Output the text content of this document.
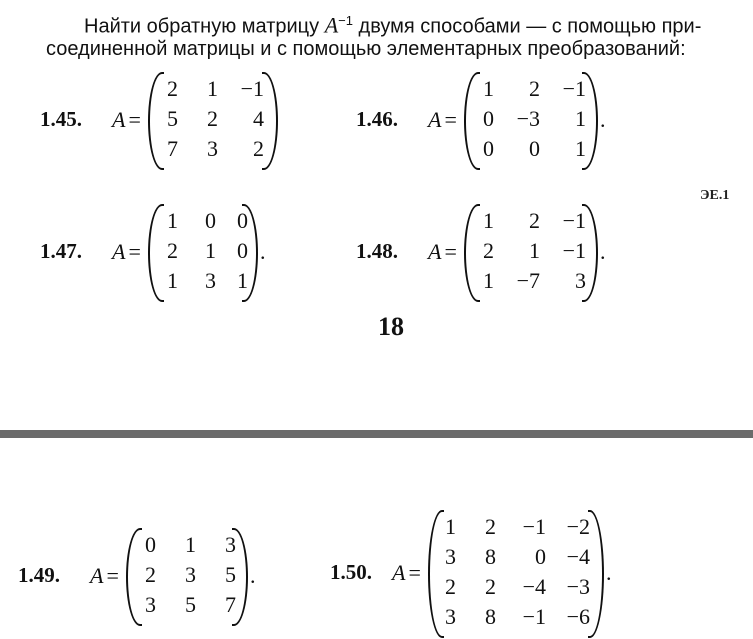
Найти обратную матрицу $A^{-1}$ двумя способами — с помощью при-
соединенной матрицы и с помощью элементарных преобразований:
1.45. A =
2	1	−1
5	2	4
7	3	2
1.46. A =
1	2	−1
0	−3	1
0	0	1
.
1.47. A =
1	0 0
2	1 0
1	3 1
.	1.48. A =
1	2	−1
2	1	−1
1	−7	3
.
1.49. A =
0	1	3
2	3	5
3	5	7
.	1.50. A =
1	2	−1 −2
3	8	0 −4
2	2	−4 −3
3	8	−1 −6
.
18
ЭЕ.1
